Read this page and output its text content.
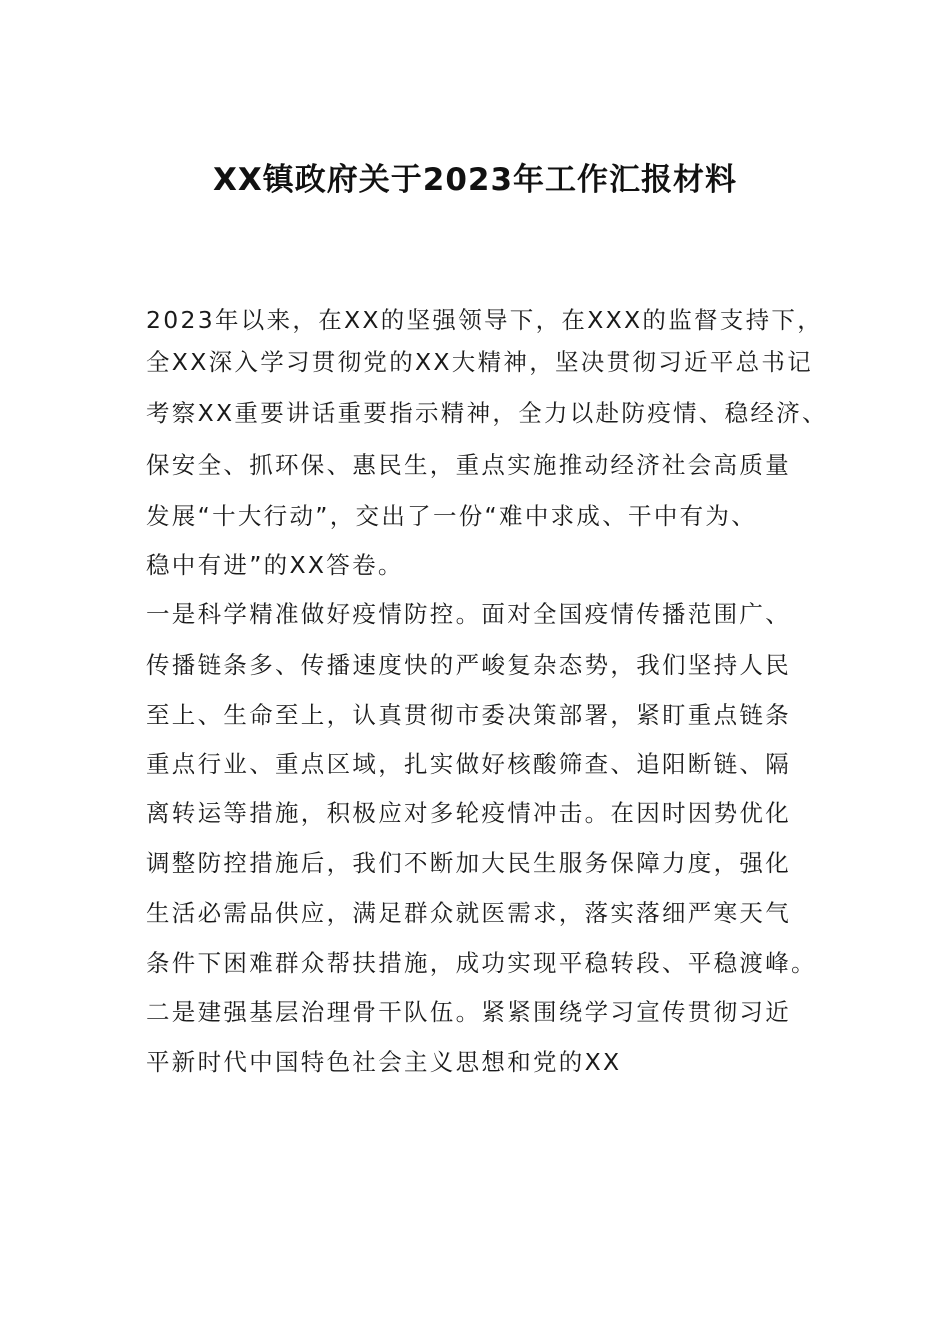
XX镇政府关于2023年工作汇报材料
2023年以来，在XX的坚强领导下，在XXX的监督支持下，
全XX深入学习贯彻党的XX大精神，坚决贯彻习近平总书记
考察XX重要讲话重要指示精神，全力以赴防疫情、稳经济、
保安全、抓环保、惠民生，重点实施推动经济社会高质量
发展“十大行动”，交出了一份“难中求成、干中有为、
稳中有进”的XX答卷。
一是科学精准做好疫情防控。面对全国疫情传播范围广、
传播链条多、传播速度快的严峻复杂态势，我们坚持人民
至上、生命至上，认真贯彻市委决策部署，紧盯重点链条
重点行业、重点区域，扎实做好核酸筛查、追阳断链、隔
离转运等措施，积极应对多轮疫情冲击。在因时因势优化
调整防控措施后，我们不断加大民生服务保障力度，强化
生活必需品供应，满足群众就医需求，落实落细严寒天气
条件下困难群众帮扶措施，成功实现平稳转段、平稳渡峰。
二是建强基层治理骨干队伍。紧紧围绕学习宣传贯彻习近
平新时代中国特色社会主义思想和党的XX
